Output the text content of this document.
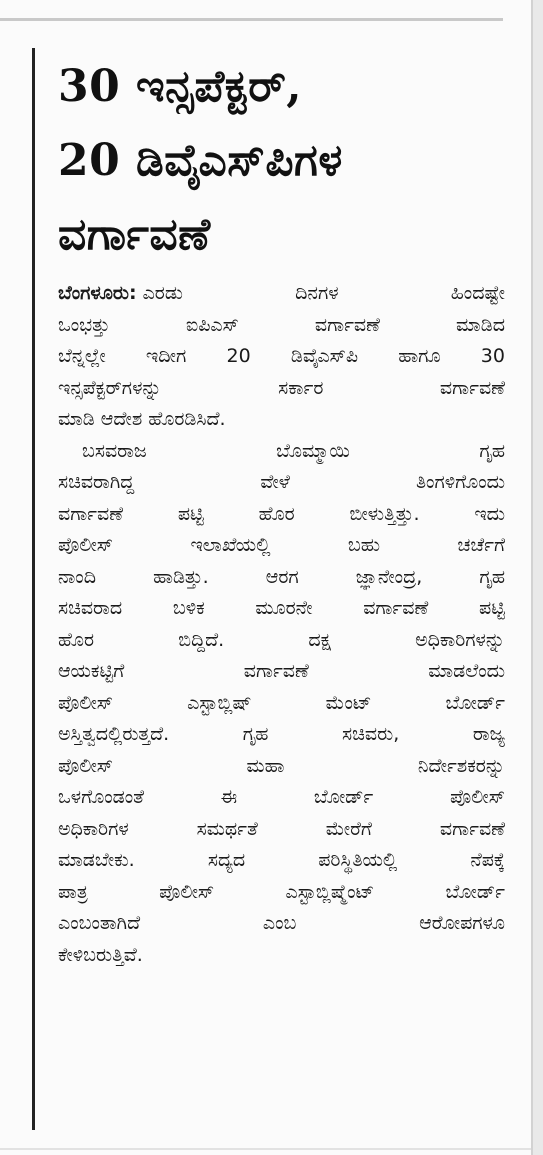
30 ಇನ್ಸಪೆಕ್ಟರ್,
20 ಡಿವೈಎಸ್‌ಪಿಗಳ
ವರ್ಗಾವಣೆ
ಬೆಂಗಳೂರು: ಎರಡು ದಿನಗಳ ಹಿಂದಷ್ಟೇ
ಒಂಭತ್ತು ಐಪಿಎಸ್ ವರ್ಗಾವಣೆ ಮಾಡಿದ
ಬೆನ್ನಲ್ಲೇ ಇದೀಗ 20 ಡಿವೈಎಸ್‌ಪಿ ಹಾಗೂ 30
ಇನ್ಸಪೆಕ್ಟರ್‌ಗಳನ್ನು ಸರ್ಕಾರ ವರ್ಗಾವಣೆ
ಮಾಡಿ ಆದೇಶ ಹೊರಡಿಸಿದೆ.
ಬಸವರಾಜ ಬೊಮ್ಮಾಯಿ ಗೃಹ
ಸಚಿವರಾಗಿದ್ದ ವೇಳೆ ತಿಂಗಳಿಗೊಂದು
ವರ್ಗಾವಣೆ ಪಟ್ಟಿ ಹೊರ ಬೀಳುತ್ತಿತ್ತು. ಇದು
ಪೊಲೀಸ್ ಇಲಾಖೆಯಲ್ಲಿ ಬಹು ಚರ್ಚೆಗೆ
ನಾಂದಿ ಹಾಡಿತ್ತು. ಆರಗ ಜ್ಞಾನೇಂದ್ರ, ಗೃಹ
ಸಚಿವರಾದ ಬಳಿಕ ಮೂರನೇ ವರ್ಗಾವಣೆ ಪಟ್ಟಿ
ಹೊರ ಬಿದ್ದಿದೆ. ದಕ್ಷ ಅಧಿಕಾರಿಗಳನ್ನು
ಆಯಕಟ್ಟಿಗೆ ವರ್ಗಾವಣೆ ಮಾಡಲೆಂದು
ಪೊಲೀಸ್ ಎಸ್ಟಾಬ್ಲಿಷ್ ಮೆಂಟ್ ಬೋರ್ಡ್
ಅಸ್ತಿತ್ವದಲ್ಲಿರುತ್ತದೆ. ಗೃಹ ಸಚಿವರು, ರಾಜ್ಯ
ಪೊಲೀಸ್ ಮಹಾ ನಿರ್ದೇಶಕರನ್ನು
ಒಳಗೊಂಡಂತೆ ಈ ಬೋರ್ಡ್ ಪೊಲೀಸ್
ಅಧಿಕಾರಿಗಳ ಸಮರ್ಥತೆ ಮೇರೆಗೆ ವರ್ಗಾವಣೆ
ಮಾಡಬೇಕು. ಸದ್ಯದ ಪರಿಸ್ಥಿತಿಯಲ್ಲಿ ನೆಪಕ್ಕೆ
ಪಾತ್ರ ಪೊಲೀಸ್ ಎಸ್ಟಾಬ್ಲಿಷ್ಮೆಂಟ್ ಬೋರ್ಡ್
ಎಂಬಂತಾಗಿದೆ ಎಂಬ ಆರೋಪಗಳೂ
ಕೇಳಿಬರುತ್ತಿವೆ.
